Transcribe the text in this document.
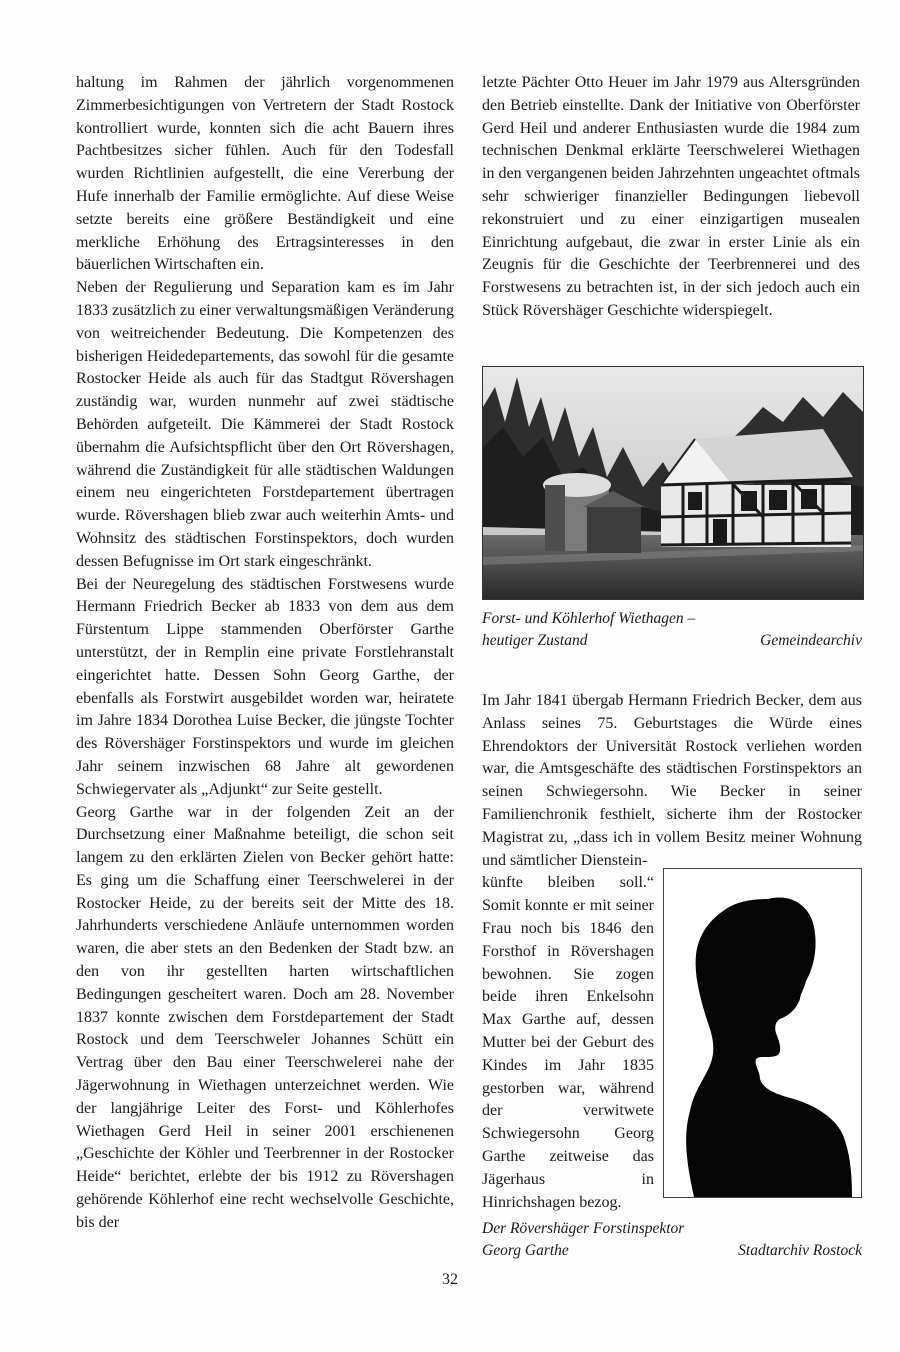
haltung im Rahmen der jährlich vorgenommenen Zimmerbesichtigungen von Vertretern der Stadt Rostock kontrolliert wurde, konnten sich die acht Bauern ihres Pachtbesitzes sicher fühlen. Auch für den Todesfall wurden Richtlinien aufgestellt, die eine Vererbung der Hufe innerhalb der Familie ermöglichte. Auf diese Weise setzte bereits eine größere Beständigkeit und eine merkliche Erhöhung des Ertragsinteresses in den bäuerlichen Wirtschaften ein.

Neben der Regulierung und Separation kam es im Jahr 1833 zusätzlich zu einer verwaltungsmäßigen Veränderung von weitreichender Bedeutung. Die Kompetenzen des bisherigen Heidedepartements, das sowohl für die gesamte Rostocker Heide als auch für das Stadtgut Rövershagen zuständig war, wurden nunmehr auf zwei städtische Behörden aufgeteilt. Die Kämmerei der Stadt Rostock übernahm die Aufsichtspflicht über den Ort Rövershagen, während die Zuständigkeit für alle städtischen Waldungen einem neu eingerichteten Forstdepartement übertragen wurde. Rövershagen blieb zwar auch weiterhin Amts- und Wohnsitz des städtischen Forstinspektors, doch wurden dessen Befugnisse im Ort stark eingeschränkt.

Bei der Neuregelung des städtischen Forstwesens wurde Hermann Friedrich Becker ab 1833 von dem aus dem Fürstentum Lippe stammenden Oberförster Garthe unterstützt, der in Remplin eine private Forstlehranstalt eingerichtet hatte. Dessen Sohn Georg Garthe, der ebenfalls als Forstwirt ausgebildet worden war, heiratete im Jahre 1834 Dorothea Luise Becker, die jüngste Tochter des Rövershäger Forstinspektors und wurde im gleichen Jahr seinem inzwischen 68 Jahre alt gewordenen Schwiegervater als „Adjunkt“ zur Seite gestellt.

Georg Garthe war in der folgenden Zeit an der Durchsetzung einer Maßnahme beteiligt, die schon seit langem zu den erklärten Zielen von Becker gehört hatte: Es ging um die Schaffung einer Teerschwelerei in der Rostocker Heide, zu der bereits seit der Mitte des 18. Jahrhunderts verschiedene Anläufe unternommen worden waren, die aber stets an den Bedenken der Stadt bzw. an den von ihr gestellten harten wirtschaftlichen Bedingungen gescheitert waren. Doch am 28. November 1837 konnte zwischen dem Forstdepartement der Stadt Rostock und dem Teerschweler Johannes Schütt ein Vertrag über den Bau einer Teerschwelerei nahe der Jägerwohnung in Wiethagen unterzeichnet werden. Wie der langjährige Leiter des Forst- und Köhlerhofes Wiethagen Gerd Heil in seiner 2001 erschienenen „Geschichte der Köhler und Teerbrenner in der Rostocker Heide“ berichtet, erlebte der bis 1912 zu Rövershagen gehörende Köhlerhof eine recht wechselvolle Geschichte, bis der

letzte Pächter Otto Heuer im Jahr 1979 aus Altersgründen den Betrieb einstellte. Dank der Initiative von Oberförster Gerd Heil und anderer Enthusiasten wurde die 1984 zum technischen Denkmal erklärte Teerschwelerei Wiethagen in den vergangenen beiden Jahrzehnten ungeachtet oftmals sehr schwieriger finanzieller Bedingungen liebevoll rekonstruiert und zu einer einzigartigen musealen Einrichtung aufgebaut, die zwar in erster Linie als ein Zeugnis für die Geschichte der Teerbrennerei und des Forstwesens zu betrachten ist, in der sich jedoch auch ein Stück Rövershäger Geschichte widerspiegelt.

Forst- und Köhlerhof Wiethagen –
heutiger Zustand	Gemeindearchiv

Im Jahr 1841 übergab Hermann Friedrich Becker, dem aus Anlass seines 75. Geburtstages die Würde eines Ehrendoktors der Universität Rostock verliehen worden war, die Amtsgeschäfte des städtischen Forstinspektors an seinen Schwiegersohn. Wie Becker in seiner Familienchronik festhielt, sicherte ihm der Rostocker Magistrat zu, „dass ich in vollem Besitz meiner Wohnung und sämtlicher Dienstein-

künfte bleiben soll.“ Somit konnte er mit seiner Frau noch bis 1846 den Forsthof in Rövershagen bewohnen. Sie zogen beide ihren Enkelsohn Max Garthe auf, dessen Mutter bei der Geburt des Kindes im Jahr 1835 gestorben war, während der verwitwete Schwiegersohn Georg Garthe zeitweise das Jägerhaus in Hinrichshagen bezog.

Der Rövershäger Forstinspektor
Georg Garthe	Stadtarchiv Rostock
32
